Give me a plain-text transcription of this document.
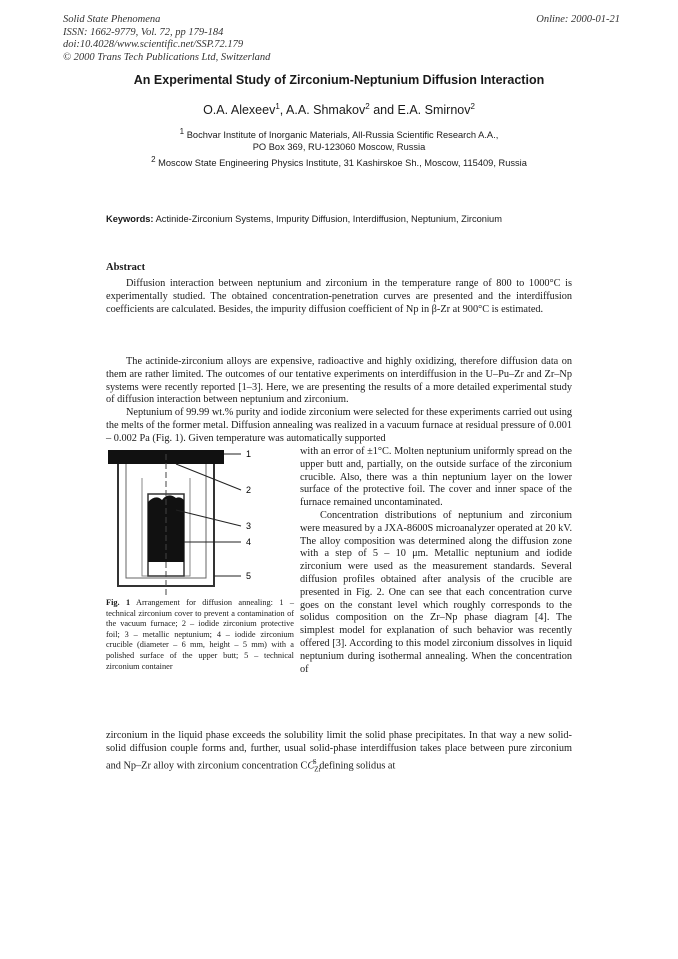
Solid State Phenomena
ISSN: 1662-9779, Vol. 72, pp 179-184
doi:10.4028/www.scientific.net/SSP.72.179
© 2000 Trans Tech Publications Ltd, Switzerland
Online: 2000-01-21
An Experimental Study of Zirconium-Neptunium Diffusion Interaction
O.A. Alexeev$^1$, A.A. Shmakov$^2$ and E.A. Smirnov$^2$
$^1$ Bochvar Institute of Inorganic Materials, All-Russia Scientific Research A.A.,
PO Box 369, RU-123060 Moscow, Russia
$^2$ Moscow State Engineering Physics Institute, 31 Kashirskoe Sh., Moscow, 115409, Russia
Keywords: Actinide-Zirconium Systems, Impurity Diffusion, Interdiffusion, Neptunium, Zirconium
Abstract

Diffusion interaction between neptunium and zirconium in the temperature range of 800 to 1000°C is experimentally studied. The obtained concentration-penetration curves are presented and the interdiffusion coefficients are calculated. Besides, the impurity diffusion coefficient of Np in β-Zr at 900°C is estimated.

The actinide-zirconium alloys are expensive, radioactive and highly oxidizing, therefore diffusion data on them are rather limited. The outcomes of our tentative experiments on interdiffusion in the U–Pu–Zr and Zr–Np systems were recently reported [1–3]. Here, we are presenting the results of a more detailed experimental study of diffusion interaction between neptunium and zirconium.

Neptunium of 99.99 wt.% purity and iodide zirconium were selected for these experiments carried out using the melts of the former metal. Diffusion annealing was realized in a vacuum furnace at residual pressure of 0.001 – 0.002 Pa (Fig. 1). Given temperature was automatically supported

1
2
3
4
5
Fig. 1 Arrangement for diffusion annealing: 1 – technical zirconium cover to prevent a contamination of the vacuum furnace; 2 – iodide zirconium protective foil; 3 – metallic neptunium; 4 – iodide zirconium crucible (diameter – 6 mm, height – 5 mm) with a polished surface of the upper butt; 5 – technical zirconium container

with an error of ±1°C. Molten neptunium uniformly spread on the upper butt and, partially, on the outside surface of the zirconium crucible. Also, there was a thin neptunium layer on the lower surface of the protective foil. The cover and inner space of the furnace remained uncontaminated.

Concentration distributions of neptunium and zirconium were measured by a JXA-8600S microanalyzer operated at 20 kV. The alloy composition was determined along the diffusion zone with a step of 5 – 10 μm. Metallic neptunium and iodide zirconium were used as the measurement standards. Several diffusion profiles obtained after analysis of the crucible are presented in Fig. 2. One can see that each concentration curve goes on the constant level which roughly corresponds to the solidus composition on the Zr–Np phase diagram [4]. The simplest model for explanation of such behavior was recently offered [3]. According to this model zirconium dissolves in liquid neptunium during isothermal annealing. When the concentration of

zirconium in the liquid phase exceeds the solubility limit the solid phase precipitates. In that way a new solid-solid diffusion couple forms and, further, usual solid-phase interdiffusion takes place between pure zirconium and Np–Zr alloy with zirconium concentration $CC_{Zr}^S$ defining solidus at
